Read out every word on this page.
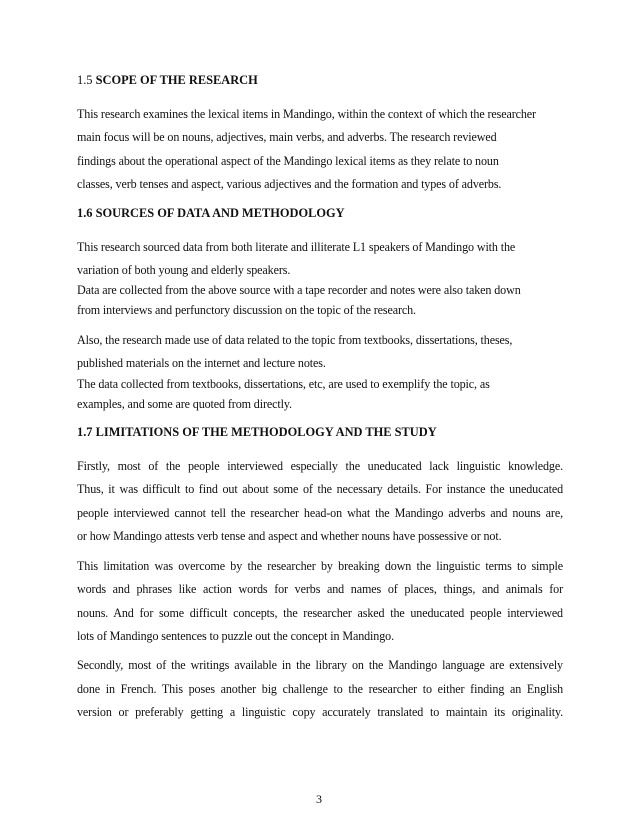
1.5 SCOPE OF THE RESEARCH
This research examines the lexical items in Mandingo, within the context of which the researcher
main focus will be on nouns, adjectives, main verbs, and adverbs. The research reviewed
findings about the operational aspect of the Mandingo lexical items as they relate to noun
classes, verb tenses and aspect, various adjectives and the formation and types of adverbs.
1.6 SOURCES OF DATA AND METHODOLOGY
This research sourced data from both literate and illiterate L1 speakers of Mandingo with the
variation of both young and elderly speakers.
Data are collected from the above source with a tape recorder and notes were also taken down
from interviews and perfunctory discussion on the topic of the research.
Also, the research made use of data related to the topic from textbooks, dissertations, theses,
published materials on the internet and lecture notes.
The data collected from textbooks, dissertations, etc, are used to exemplify the topic, as
examples, and some are quoted from directly.
1.7 LIMITATIONS OF THE METHODOLOGY AND THE STUDY
Firstly, most of the people interviewed especially the uneducated lack linguistic knowledge.
Thus, it was difficult to find out about some of the necessary details. For instance the uneducated
people interviewed cannot tell the researcher head-on what the Mandingo adverbs and nouns are,
or how Mandingo attests verb tense and aspect and whether nouns have possessive or not.
This limitation was overcome by the researcher by breaking down the linguistic terms to simple
words and phrases like action words for verbs and names of places, things, and animals for
nouns. And for some difficult concepts, the researcher asked the uneducated people interviewed
lots of Mandingo sentences to puzzle out the concept in Mandingo.
Secondly, most of the writings available in the library on the Mandingo language are extensively
done in French. This poses another big challenge to the researcher to either finding an English
version or preferably getting a linguistic copy accurately translated to maintain its originality.
3
